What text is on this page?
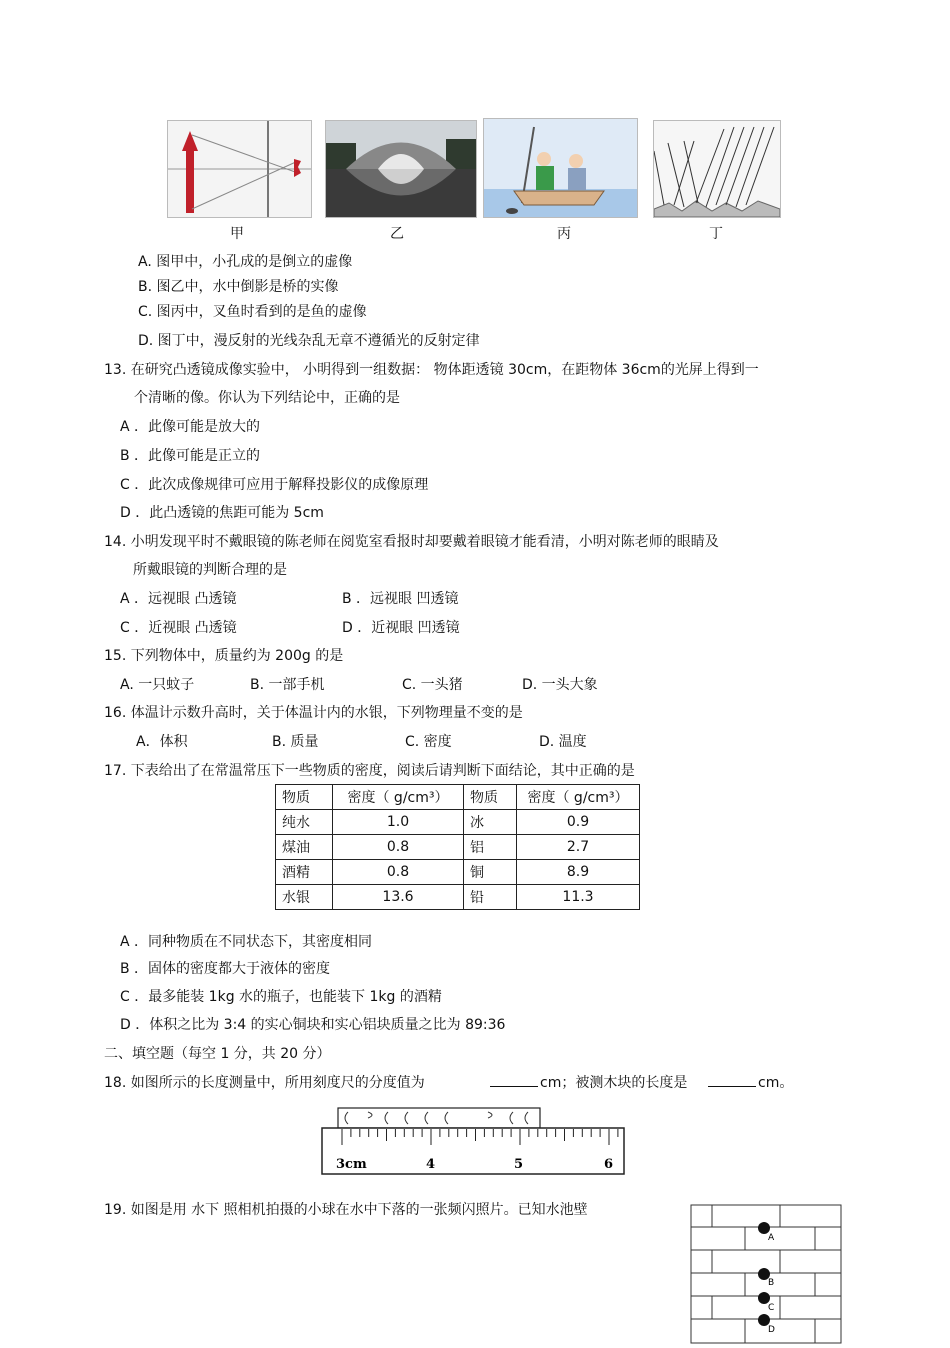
甲	乙	丙	丁
A. 图甲中，小孔成的是倒立的虚像
B. 图乙中，水中倒影是桥的实像
C. 图丙中，叉鱼时看到的是鱼的虚像
D. 图丁中，漫反射的光线杂乱无章不遵循光的反射定律
13. 在研究凸透镜成像实验中， 小明得到一组数据： 物体距透镜 30cm，在距物体 36cm的光屏上得到一
个清晰的像。你认为下列结论中，正确的是
A ．此像可能是放大的
B ．此像可能是正立的
C ．此次成像规律可应用于解释投影仪的成像原理
D ．此凸透镜的焦距可能为 5cm
14. 小明发现平时不戴眼镜的陈老师在阅览室看报时却要戴着眼镜才能看清，小明对陈老师的眼睛及
所戴眼镜的判断合理的是
A ．远视眼 凸透镜	B ．远视眼 凹透镜
C ．近视眼 凸透镜	D ．近视眼 凹透镜
15. 下列物体中，质量约为 200g 的是
A. 一只蚊子	B. 一部手机	C. 一头猪	D. 一头大象
16. 体温计示数升高时，关于体温计内的水银，下列物理量不变的是
A．体积	B. 质量	C. 密度	D. 温度
17. 下表给出了在常温常压下一些物质的密度，阅读后请判断下面结论，其中正确的是
物质	密度（ g/cm³）	物质	密度（ g/cm³）
纯水	1.0	冰	0.9
煤油	0.8	铝	2.7
酒精	0.8	铜	8.9
水银	13.6	铅	11.3
A ．同种物质在不同状态下，其密度相同
B ．固体的密度都大于液体的密度
C ．最多能装 1kg 水的瓶子，也能装下 1kg 的酒精
D ．体积之比为 3:4 的实心铜块和实心铝块质量之比为 89:36
二、填空题（每空 1 分，共 20 分）
18. 如图所示的长度测量中，所用刻度尺的分度值为	cm；被测木块的长度是	cm。
3cm	4	5	6
19. 如图是用 水下 照相机拍摄的小球在水中下落的一张频闪照片。已知水池壁
A
B
C
D
